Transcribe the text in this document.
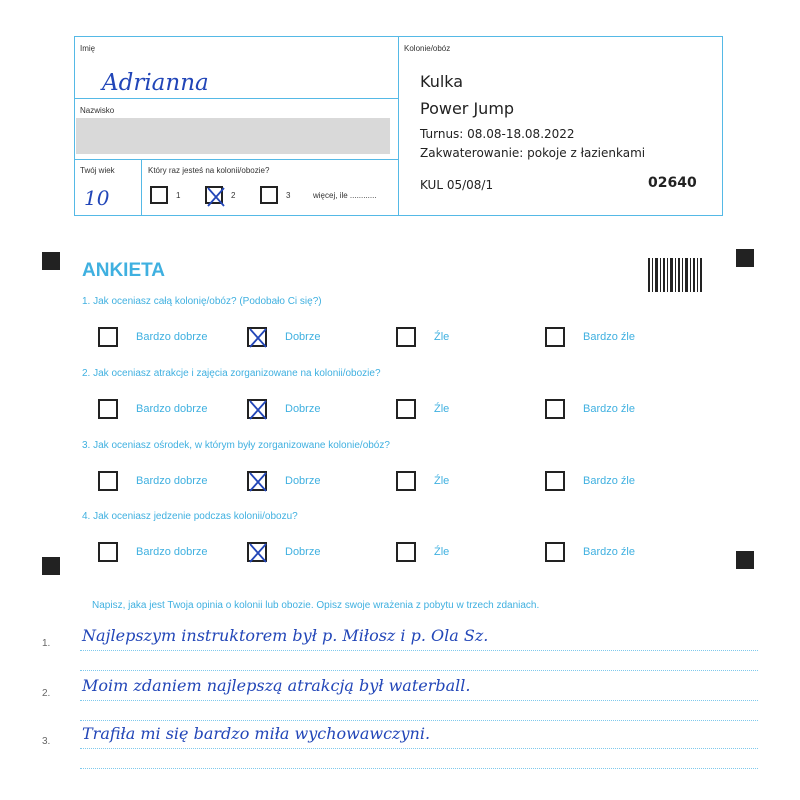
Imię
Adrianna
Nazwisko
Twój wiek
10
Który raz jesteś na kolonii/obozie?
1	2	3	więcej, ile ............
Kolonie/obóz
Kulka
Power Jump
Turnus: 08.08-18.08.2022
Zakwaterowanie: pokoje z łazienkami
KUL 05/08/1	02640
ANKIETA
1. Jak oceniasz całą kolonię/obóz? (Podobało Ci się?)
Bardzo dobrze	Dobrze	Źle	Bardzo źle
2. Jak oceniasz atrakcje i zajęcia zorganizowane na kolonii/obozie?
Bardzo dobrze	Dobrze	Źle	Bardzo źle
3. Jak oceniasz ośrodek, w którym były zorganizowane kolonie/obóz?
Bardzo dobrze	Dobrze	Źle	Bardzo źle
4. Jak oceniasz jedzenie podczas kolonii/obozu?
Bardzo dobrze	Dobrze	Źle	Bardzo źle
Napisz, jaka jest Twoja opinia o kolonii lub obozie. Opisz swoje wrażenia z pobytu w trzech zdaniach.
1. Najlepszym instruktorem był p. Miłosz i p. Ola Sz.
2. Moim zdaniem najlepszą atrakcją był waterball.
3. Trafiła mi się bardzo miła wychowawczyni.
